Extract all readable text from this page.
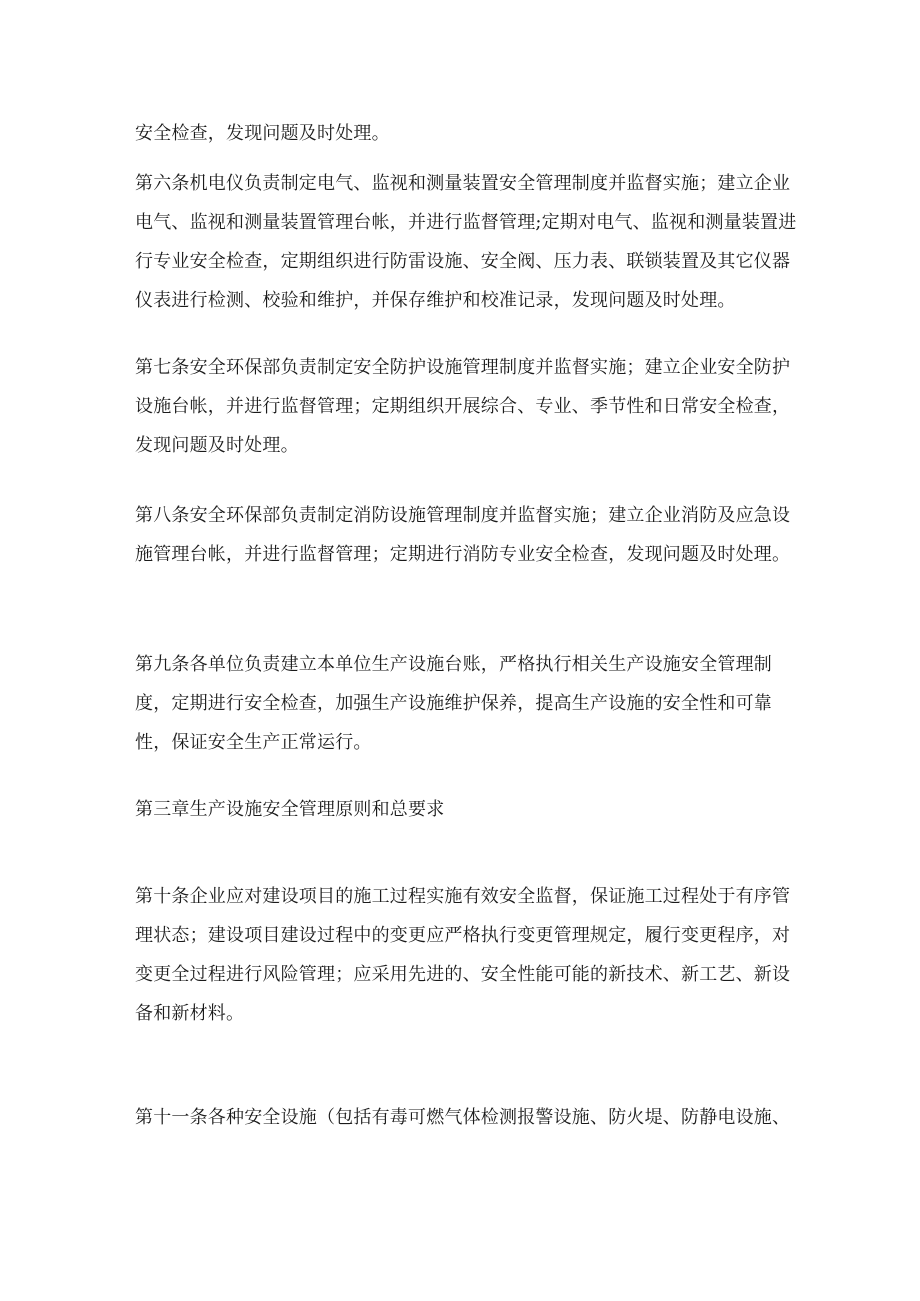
安全检查，发现问题及时处理。

第六条机电仪负责制定电气、监视和测量装置安全管理制度并监督实施；建立企业电气、监视和测量装置管理台帐，并进行监督管理;定期对电气、监视和测量装置进行专业安全检查，定期组织进行防雷设施、安全阀、压力表、联锁装置及其它仪器仪表进行检测、校验和维护，并保存维护和校准记录，发现问题及时处理。

第七条安全环保部负责制定安全防护设施管理制度并监督实施；建立企业安全防护设施台帐，并进行监督管理；定期组织开展综合、专业、季节性和日常安全检查，发现问题及时处理。

第八条安全环保部负责制定消防设施管理制度并监督实施；建立企业消防及应急设施管理台帐，并进行监督管理；定期进行消防专业安全检查，发现问题及时处理。

第九条各单位负责建立本单位生产设施台账，严格执行相关生产设施安全管理制度，定期进行安全检查，加强生产设施维护保养，提高生产设施的安全性和可靠性，保证安全生产正常运行。

第三章生产设施安全管理原则和总要求

第十条企业应对建设项目的施工过程实施有效安全监督，保证施工过程处于有序管理状态；建设项目建设过程中的变更应严格执行变更管理规定，履行变更程序，对变更全过程进行风险管理；应采用先进的、安全性能可能的新技术、新工艺、新设备和新材料。

第十一条各种安全设施（包括有毒可燃气体检测报警设施、防火堤、防静电设施、
